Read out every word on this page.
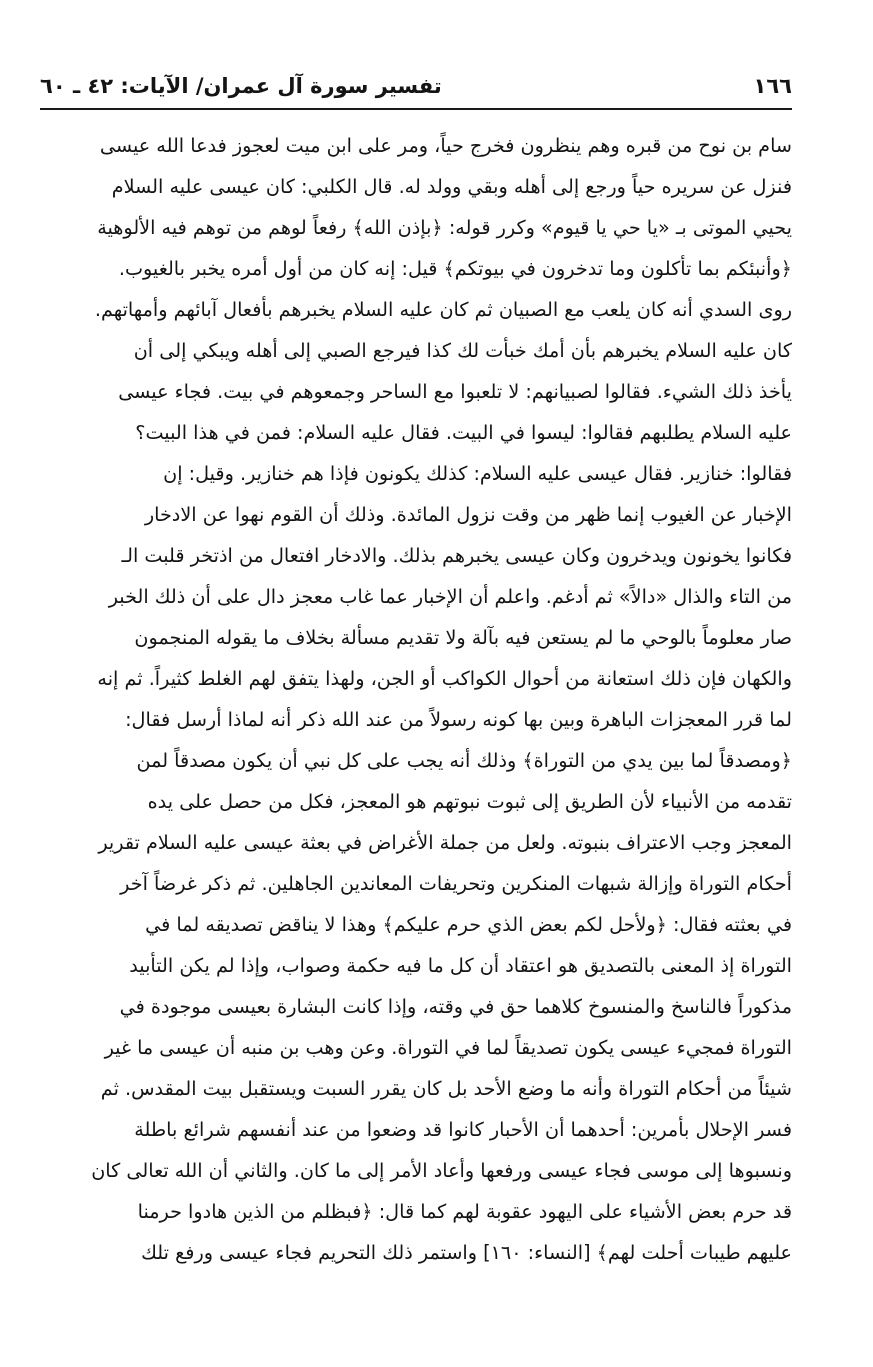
١٦٦
تفسير سورة آل عمران/ الآيات: ٤٢ ـ ٦٠
سام بن نوح من قبره وهم ينظرون فخرج حياً، ومر على ابن ميت لعجوز فدعا الله عيسى
فنزل عن سريره حياً ورجع إلى أهله وبقي وولد له. قال الكلبي: كان عيسى عليه السلام
يحيي الموتى بـ «يا حي يا قيوم» وكرر قوله: ﴿بإذن الله﴾ رفعاً لوهم من توهم فيه الألوهية
﴿وأنبئكم بما تأكلون وما تدخرون في بيوتكم﴾ قيل: إنه كان من أول أمره يخبر بالغيوب.
روى السدي أنه كان يلعب مع الصبيان ثم كان عليه السلام يخبرهم بأفعال آبائهم وأمهاتهم.
كان عليه السلام يخبرهم بأن أمك خبأت لك كذا فيرجع الصبي إلى أهله ويبكي إلى أن
يأخذ ذلك الشيء. فقالوا لصبيانهم: لا تلعبوا مع الساحر وجمعوهم في بيت. فجاء عيسى
عليه السلام يطلبهم فقالوا: ليسوا في البيت. فقال عليه السلام: فمن في هذا البيت؟
فقالوا: خنازير. فقال عيسى عليه السلام: كذلك يكونون فإذا هم خنازير. وقيل: إن
الإخبار عن الغيوب إنما ظهر من وقت نزول المائدة. وذلك أن القوم نهوا عن الادخار
فكانوا يخونون ويدخرون وكان عيسى يخبرهم بذلك. والادخار افتعال من اذتخر قلبت الـ
من التاء والذال «دالاً» ثم أدغم. واعلم أن الإخبار عما غاب معجز دال على أن ذلك الخبر
صار معلوماً بالوحي ما لم يستعن فيه بآلة ولا تقديم مسألة بخلاف ما يقوله المنجمون
والكهان فإن ذلك استعانة من أحوال الكواكب أو الجن، ولهذا يتفق لهم الغلط كثيراً. ثم إنه
لما قرر المعجزات الباهرة وبين بها كونه رسولاً من عند الله ذكر أنه لماذا أرسل فقال:
﴿ومصدقاً لما بين يدي من التوراة﴾ وذلك أنه يجب على كل نبي أن يكون مصدقاً لمن
تقدمه من الأنبياء لأن الطريق إلى ثبوت نبوتهم هو المعجز، فكل من حصل على يده
المعجز وجب الاعتراف بنبوته. ولعل من جملة الأغراض في بعثة عيسى عليه السلام تقرير
أحكام التوراة وإزالة شبهات المنكرين وتحريفات المعاندين الجاهلين. ثم ذكر غرضاً آخر
في بعثته فقال: ﴿ولأحل لكم بعض الذي حرم عليكم﴾ وهذا لا يناقض تصديقه لما في
التوراة إذ المعنى بالتصديق هو اعتقاد أن كل ما فيه حكمة وصواب، وإذا لم يكن التأبيد
مذكوراً فالناسخ والمنسوخ كلاهما حق في وقته، وإذا كانت البشارة بعيسى موجودة في
التوراة فمجيء عيسى يكون تصديقاً لما في التوراة. وعن وهب بن منبه أن عيسى ما غير
شيئاً من أحكام التوراة وأنه ما وضع الأحد بل كان يقرر السبت ويستقبل بيت المقدس. ثم
فسر الإحلال بأمرين: أحدهما أن الأحبار كانوا قد وضعوا من عند أنفسهم شرائع باطلة
ونسبوها إلى موسى فجاء عيسى ورفعها وأعاد الأمر إلى ما كان. والثاني أن الله تعالى كان
قد حرم بعض الأشياء على اليهود عقوبة لهم كما قال: ﴿فبظلم من الذين هادوا حرمنا
عليهم طيبات أحلت لهم﴾ [النساء: ١٦٠] واستمر ذلك التحريم فجاء عيسى ورفع تلك
